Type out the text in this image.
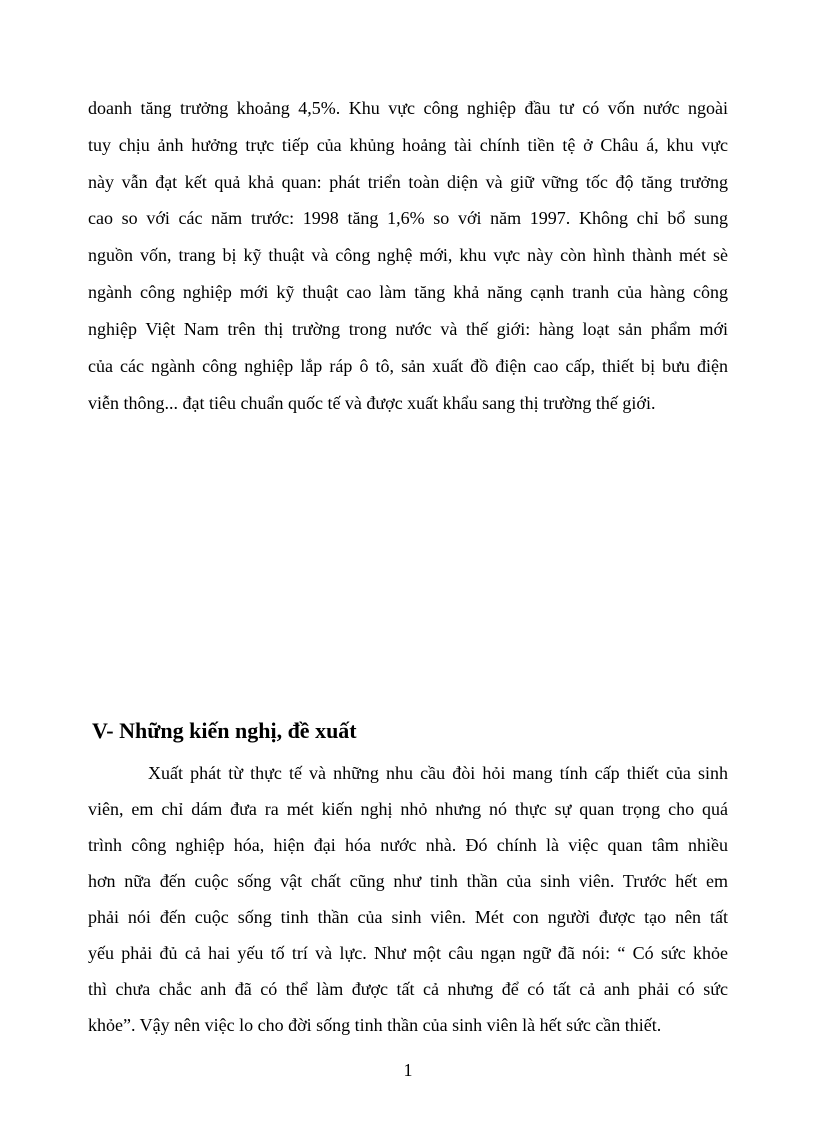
doanh tăng trưởng khoảng 4,5%. Khu vực công nghiệp đầu tư có vốn nước ngoài
tuy chịu ảnh hưởng trực tiếp của khủng hoảng tài chính tiền tệ ở Châu á, khu vực
này vẫn đạt kết quả khả quan: phát triển toàn diện và giữ vững tốc độ tăng trưởng
cao so với các năm trước: 1998 tăng 1,6% so với năm 1997. Không chỉ bổ sung
nguồn vốn, trang bị kỹ thuật và công nghệ mới, khu vực này còn hình thành mét sè
ngành công nghiệp mới kỹ thuật cao làm tăng khả năng cạnh tranh của hàng công
nghiệp Việt Nam trên thị trường trong nước và thế giới: hàng loạt sản phẩm mới
của các ngành công nghiệp lắp ráp ô tô, sản xuất đồ điện cao cấp, thiết bị bưu điện
viễn thông... đạt tiêu chuẩn quốc tế và được xuất khẩu sang thị trường thế giới.
V- Những kiến nghị, đề xuất
Xuất phát từ thực tế và những nhu cầu đòi hỏi mang tính cấp thiết của sinh
viên, em chỉ dám đưa ra mét kiến nghị nhỏ nhưng nó thực sự quan trọng cho quá
trình công nghiệp hóa, hiện đại hóa nước nhà. Đó chính là việc quan tâm nhiều
hơn nữa đến cuộc sống vật chất cũng như tinh thần của sinh viên. Trước hết em
phải nói đến cuộc sống tinh thần của sinh viên. Mét con người được tạo nên tất
yếu phải đủ cả hai yếu tố trí và lực. Như một câu ngạn ngữ đã nói: “ Có sức khỏe
thì chưa chắc anh đã có thể làm được tất cả nhưng để có tất cả anh phải có sức
khỏe”. Vậy nên việc lo cho đời sống tinh thần của sinh viên là hết sức cần thiết.
1
